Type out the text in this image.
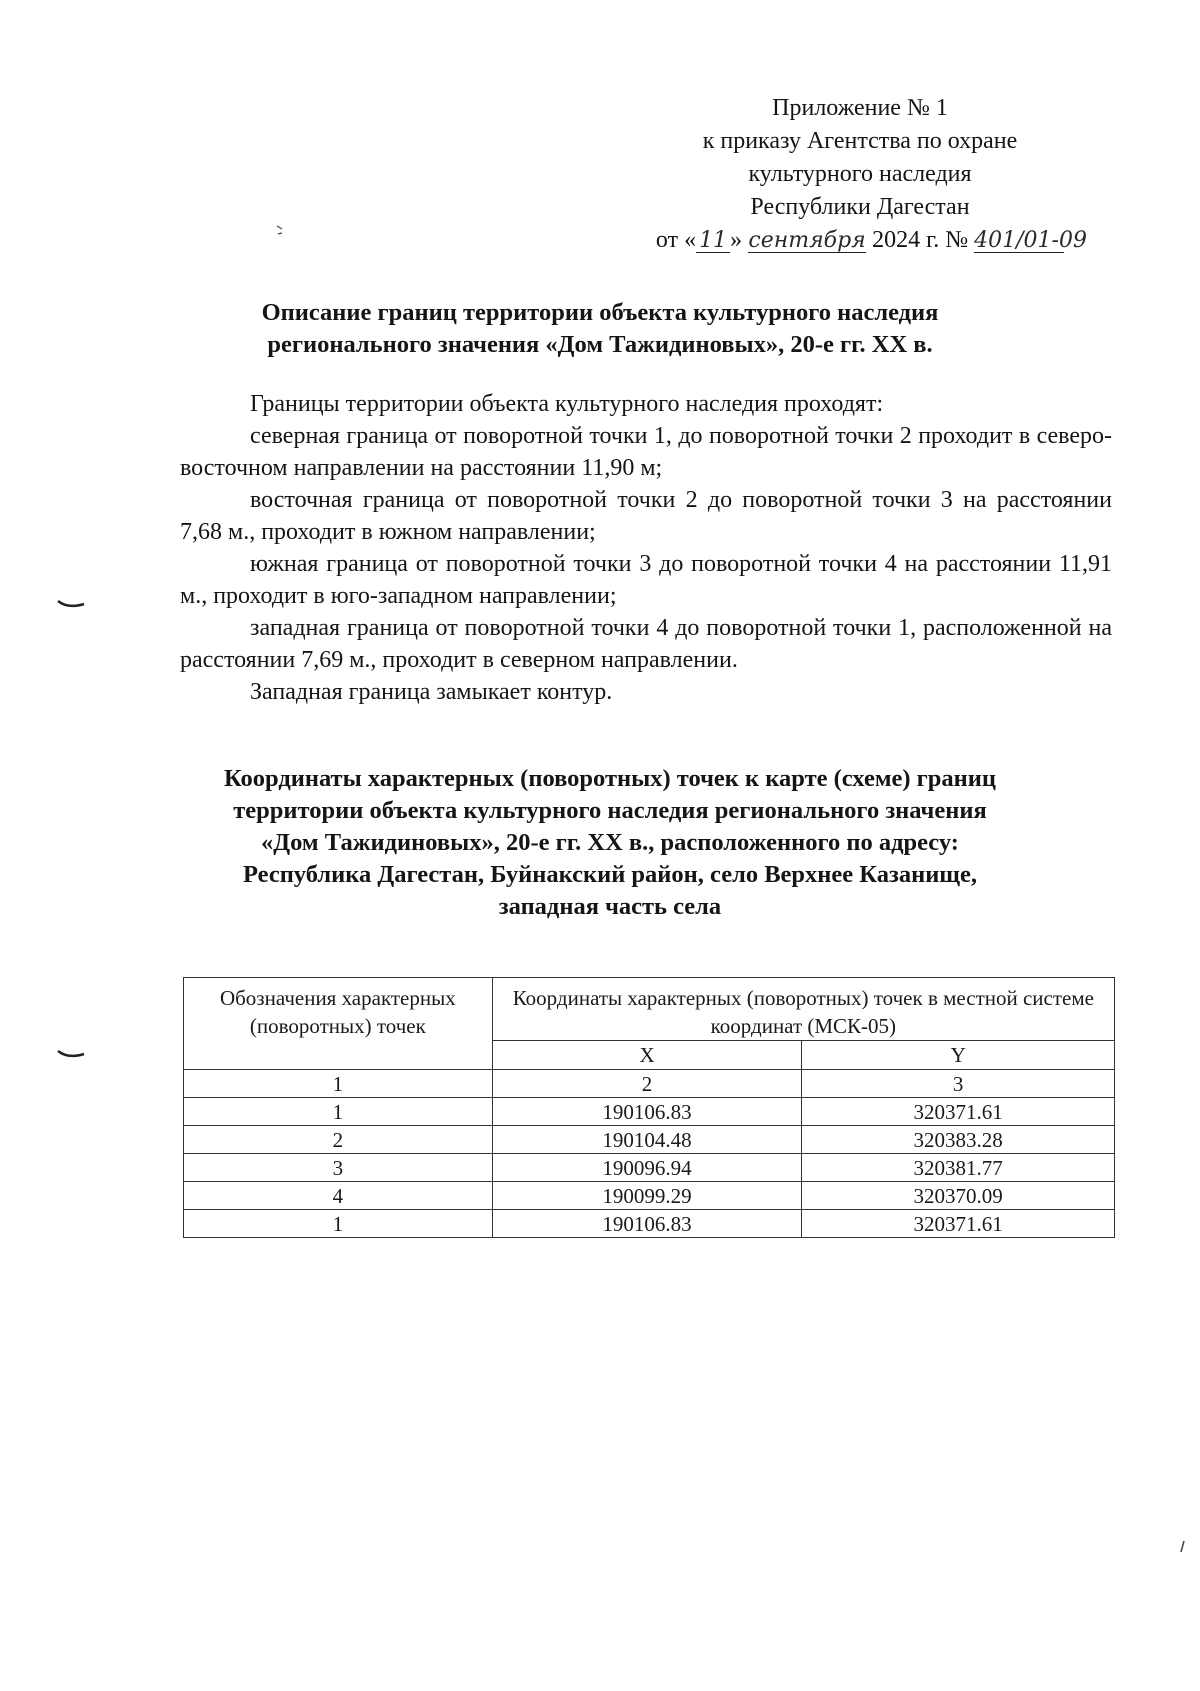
Приложение № 1
к приказу Агентства по охране
культурного наследия
Республики Дагестан
от « 11 » сентября 2024 г. № 401/01-09
Описание границ территории объекта культурного наследия
регионального значения «Дом Тажидиновых», 20-е гг. XX в.

Границы территории объекта культурного наследия проходят:

северная граница от поворотной точки 1, до поворотной точки 2 проходит в северо- восточном направлении на расстоянии 11,90 м;

восточная граница от поворотной точки 2 до поворотной точки 3 на расстоянии 7,68 м., проходит в южном направлении;

южная граница от поворотной точки 3 до поворотной точки 4 на расстоянии 11,91 м., проходит в юго-западном направлении;

западная граница от поворотной точки 4 до поворотной точки 1, расположенной на расстоянии 7,69 м., проходит в северном направлении.

Западная граница замыкает контур.

Координаты характерных (поворотных) точек к карте (схеме) границ
территории объекта культурного наследия регионального значения
«Дом Тажидиновых», 20-е гг. XX в., расположенного по адресу:
Республика Дагестан, Буйнакский район, село Верхнее Казанище,
западная часть села
Обозначения характерных (поворотных) точек	Координаты характерных (поворотных) точек в местной системе координат (МСК-05)	
	X	Y
1	2	3
1	190106.83	320371.61
2	190104.48	320383.28
3	190096.94	320381.77
4	190099.29	320370.09
1	190106.83	320371.61
